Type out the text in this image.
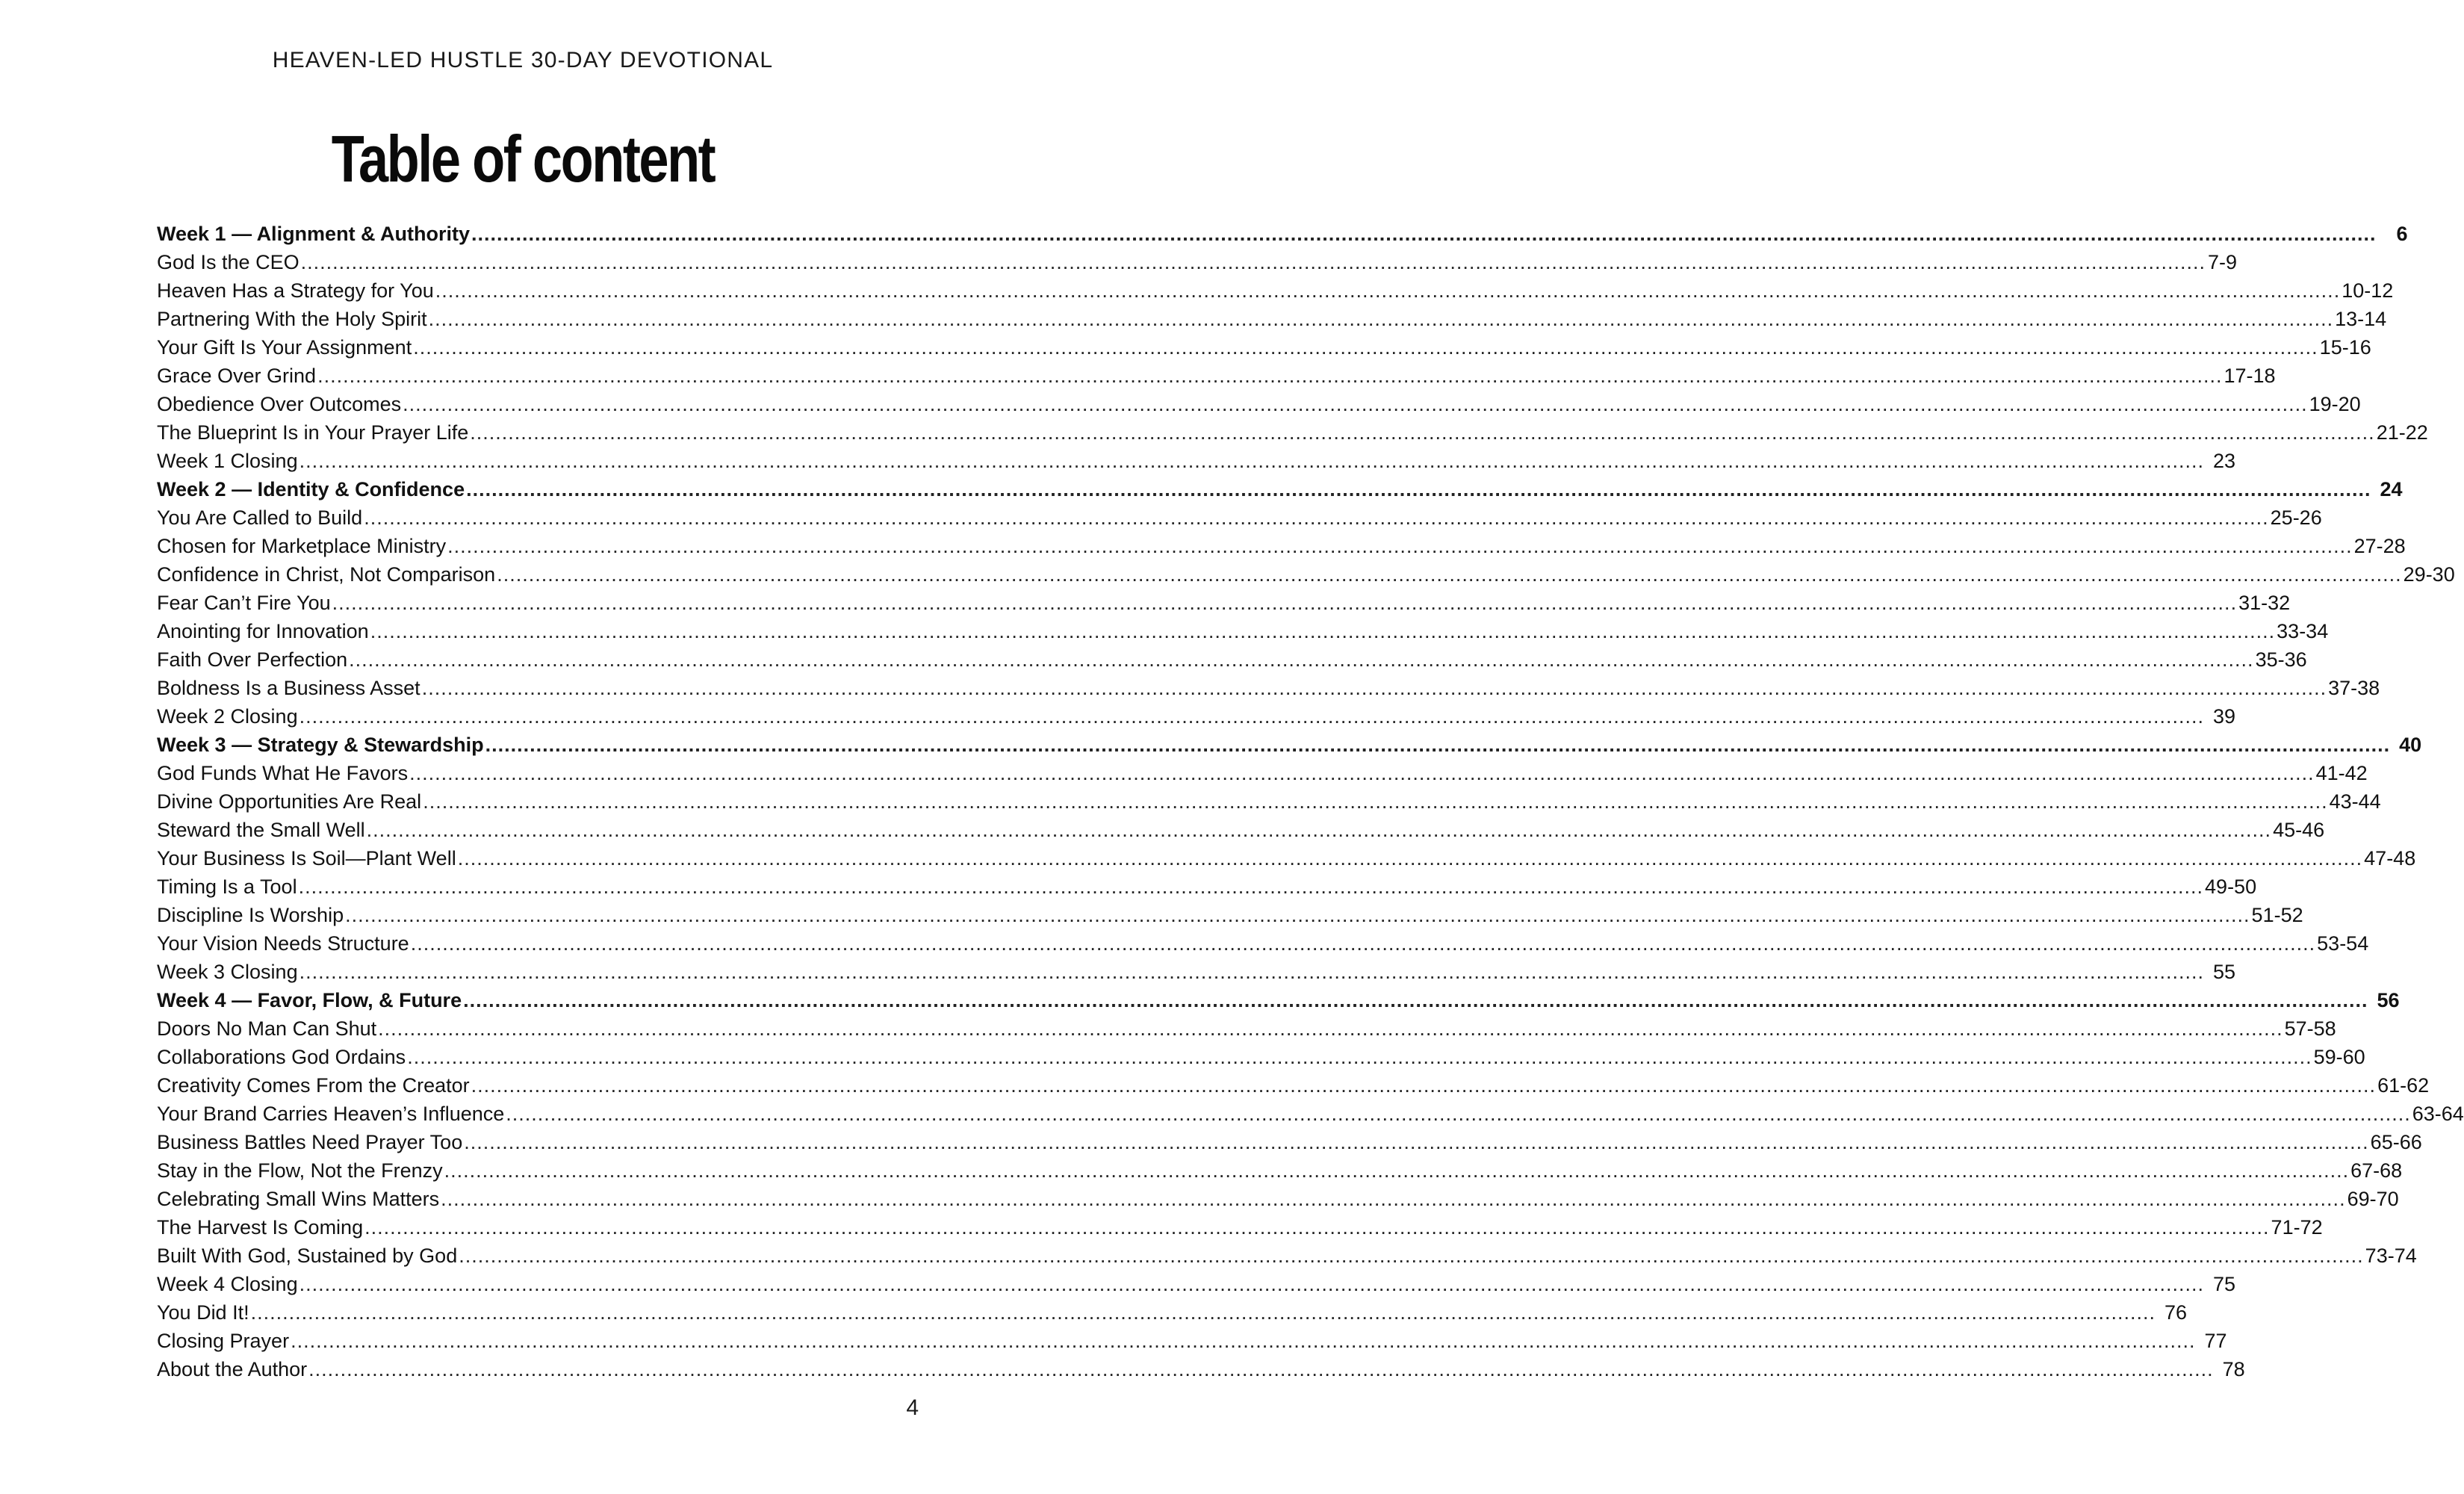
HEAVEN-LED HUSTLE 30-DAY DEVOTIONAL
Table of content
Week 1 — Alignment & Authority ............................................................................................................................................................................................................................................................................................................ 6
God Is the CEO ............................................................................................................................................................................................................................................................................................................ 7-9
Heaven Has a Strategy for You ............................................................................................................................................................................................................................................................................................................ 10-12
Partnering With the Holy Spirit ............................................................................................................................................................................................................................................................................................................ 13-14
Your Gift Is Your Assignment ............................................................................................................................................................................................................................................................................................................ 15-16
Grace Over Grind ............................................................................................................................................................................................................................................................................................................ 17-18
Obedience Over Outcomes ............................................................................................................................................................................................................................................................................................................ 19-20
The Blueprint Is in Your Prayer Life ............................................................................................................................................................................................................................................................................................................ 21-22
Week 1 Closing ............................................................................................................................................................................................................................................................................................................ 23
Week 2 — Identity & Confidence ............................................................................................................................................................................................................................................................................................................ 24
You Are Called to Build ............................................................................................................................................................................................................................................................................................................ 25-26
Chosen for Marketplace Ministry ............................................................................................................................................................................................................................................................................................................ 27-28
Confidence in Christ, Not Comparison ............................................................................................................................................................................................................................................................................................................ 29-30
Fear Can’t Fire You ............................................................................................................................................................................................................................................................................................................ 31-32
Anointing for Innovation ............................................................................................................................................................................................................................................................................................................ 33-34
Faith Over Perfection ............................................................................................................................................................................................................................................................................................................ 35-36
Boldness Is a Business Asset ............................................................................................................................................................................................................................................................................................................ 37-38
Week 2 Closing ............................................................................................................................................................................................................................................................................................................ 39
Week 3 — Strategy & Stewardship ............................................................................................................................................................................................................................................................................................................ 40
God Funds What He Favors ............................................................................................................................................................................................................................................................................................................ 41-42
Divine Opportunities Are Real ............................................................................................................................................................................................................................................................................................................ 43-44
Steward the Small Well ............................................................................................................................................................................................................................................................................................................ 45-46
Your Business Is Soil—Plant Well ............................................................................................................................................................................................................................................................................................................ 47-48
Timing Is a Tool ............................................................................................................................................................................................................................................................................................................ 49-50
Discipline Is Worship ............................................................................................................................................................................................................................................................................................................ 51-52
Your Vision Needs Structure ............................................................................................................................................................................................................................................................................................................ 53-54
Week 3 Closing ............................................................................................................................................................................................................................................................................................................ 55
Week 4 — Favor, Flow, & Future ............................................................................................................................................................................................................................................................................................................ 56
Doors No Man Can Shut ............................................................................................................................................................................................................................................................................................................ 57-58
Collaborations God Ordains ............................................................................................................................................................................................................................................................................................................ 59-60
Creativity Comes From the Creator ............................................................................................................................................................................................................................................................................................................ 61-62
Your Brand Carries Heaven’s Influence ............................................................................................................................................................................................................................................................................................................ 63-64
Business Battles Need Prayer Too ............................................................................................................................................................................................................................................................................................................ 65-66
Stay in the Flow, Not the Frenzy ............................................................................................................................................................................................................................................................................................................ 67-68
Celebrating Small Wins Matters ............................................................................................................................................................................................................................................................................................................ 69-70
The Harvest Is Coming ............................................................................................................................................................................................................................................................................................................ 71-72
Built With God, Sustained by God ............................................................................................................................................................................................................................................................................................................ 73-74
Week 4 Closing ............................................................................................................................................................................................................................................................................................................ 75
You Did It! ............................................................................................................................................................................................................................................................................................................ 76
Closing Prayer ............................................................................................................................................................................................................................................................................................................ 77
About the Author ............................................................................................................................................................................................................................................................................................................ 78
4
